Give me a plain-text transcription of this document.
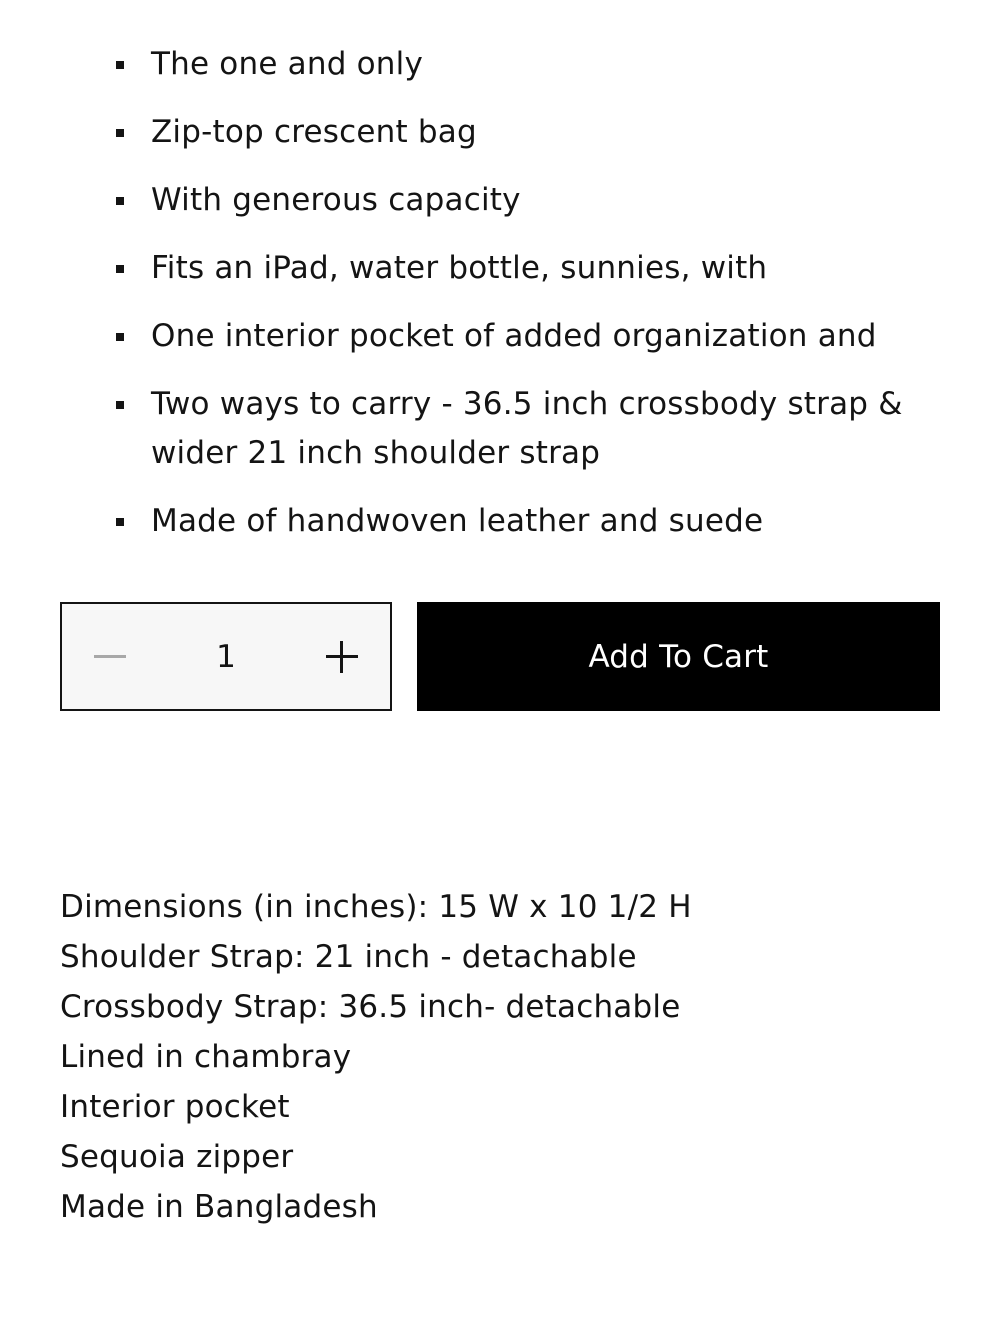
The one and only
Zip-top crescent bag
With generous capacity
Fits an iPad, water bottle, sunnies, with
One interior pocket of added organization and
Two ways to carry - 36.5 inch crossbody strap & wider 21 inch shoulder strap
Made of handwoven leather and suede
1
Add To Cart
Dimensions (in inches): 15 W x 10 1/2 H
Shoulder Strap: 21 inch - detachable
Crossbody Strap: 36.5 inch- detachable
Lined in chambray
Interior pocket
Sequoia zipper
Made in Bangladesh
